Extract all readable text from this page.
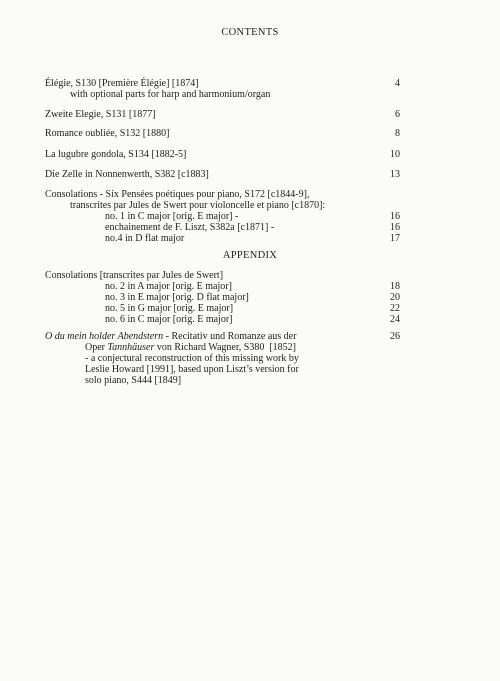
CONTENTS
Élégie, S130 [Première Élégie] [1874]	4
with optional parts for harp and harmonium/organ
Zweite Elegie, S131 [1877]	6
Romance oubliée, S132 [1880]	8
La lugubre gondola, S134 [1882-5]	10
Die Zelle in Nonnenwerth, S382 [c1883]	13
Consolations - Six Pensées poétiques pour piano, S172 [c1844-9],
transcrites par Jules de Swert pour violoncelle et piano [c1870]:
no. 1 in C major [orig. E major] -	16
enchainement de F. Liszt, S382a [c1871] -	16
no.4 in D flat major	17
APPENDIX
Consolations [transcrites par Jules de Swert]
no. 2 in A major [orig. E major]	18
no. 3 in E major [orig. D flat major]	20
no. 5 in G major [orig. E major]	22
no. 6 in C major [orig. E major]	24
O du mein holder Abendstern - Recitativ und Romanze aus der	26
Oper Tannhäuser von Richard Wagner, S380  [1852]
- a conjectural reconstruction of this missing work by
Leslie Howard [1991], based upon Liszt’s version for
solo piano, S444 [1849]
